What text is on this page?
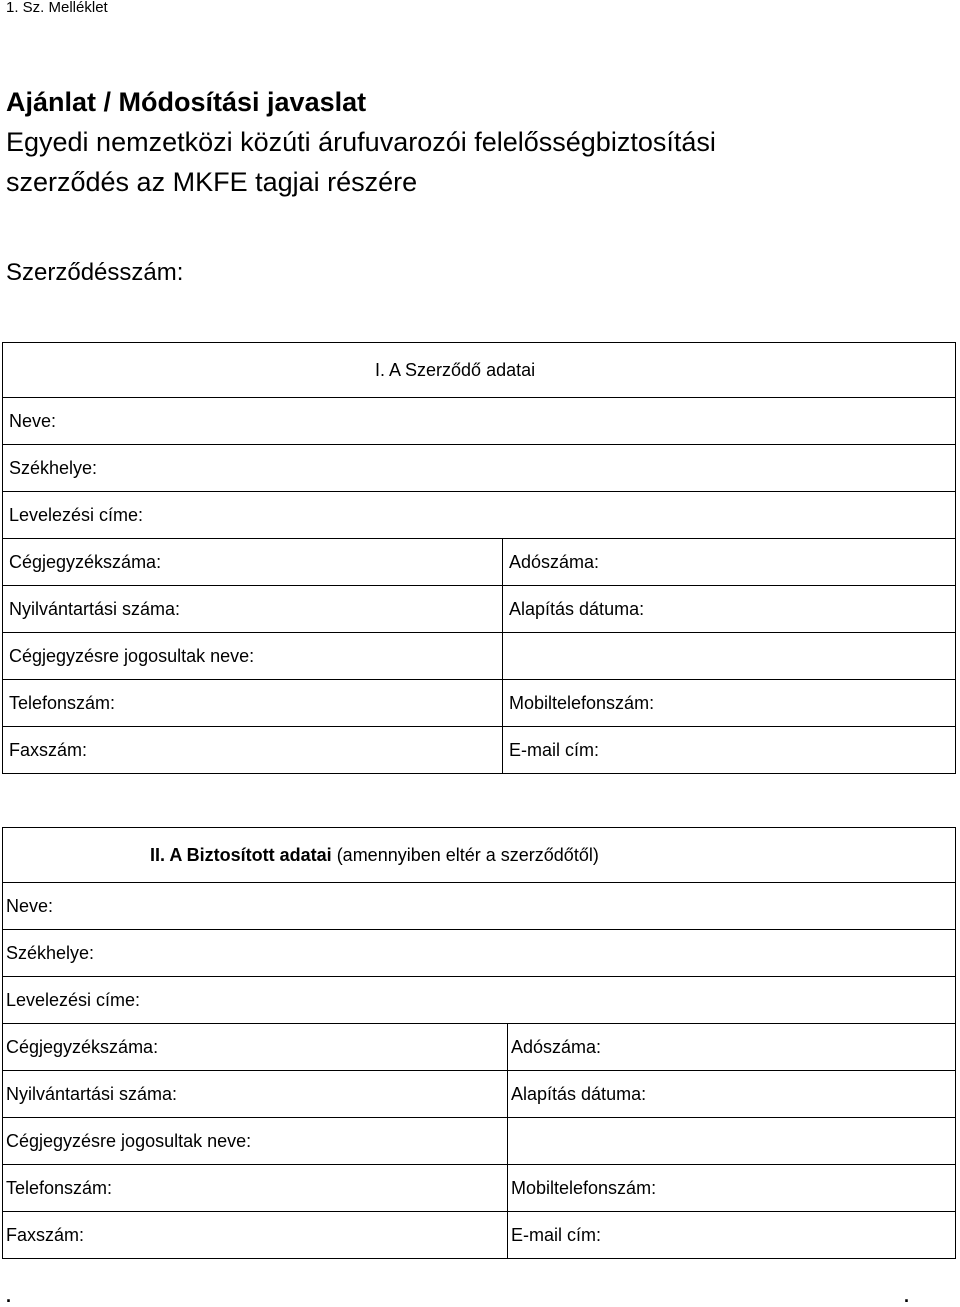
1. Sz. Melléklet
Ajánlat / Módosítási javaslat
Egyedi nemzetközi közúti árufuvarozói felelősségbiztosítási
szerződés az MKFE tagjai részére
Szerződésszám:
I. A Szerződő adatai	
Neve:	
Székhelye:	
Levelezési címe:	
Cégjegyzékszáma:	Adószáma:
Nyilvántartási száma:	Alapítás dátuma:
Cégjegyzésre jogosultak neve:	
Telefonszám:	Mobiltelefonszám:
Faxszám:	E-mail cím:
II. A Biztosított adatai (amennyiben eltér a szerződőtől)	
Neve:	
Székhelye:	
Levelezési címe:	
Cégjegyzékszáma:	Adószáma:
Nyilvántartási száma:	Alapítás dátuma:
Cégjegyzésre jogosultak neve:	
Telefonszám:	Mobiltelefonszám:
Faxszám:	E-mail cím:
.	.
